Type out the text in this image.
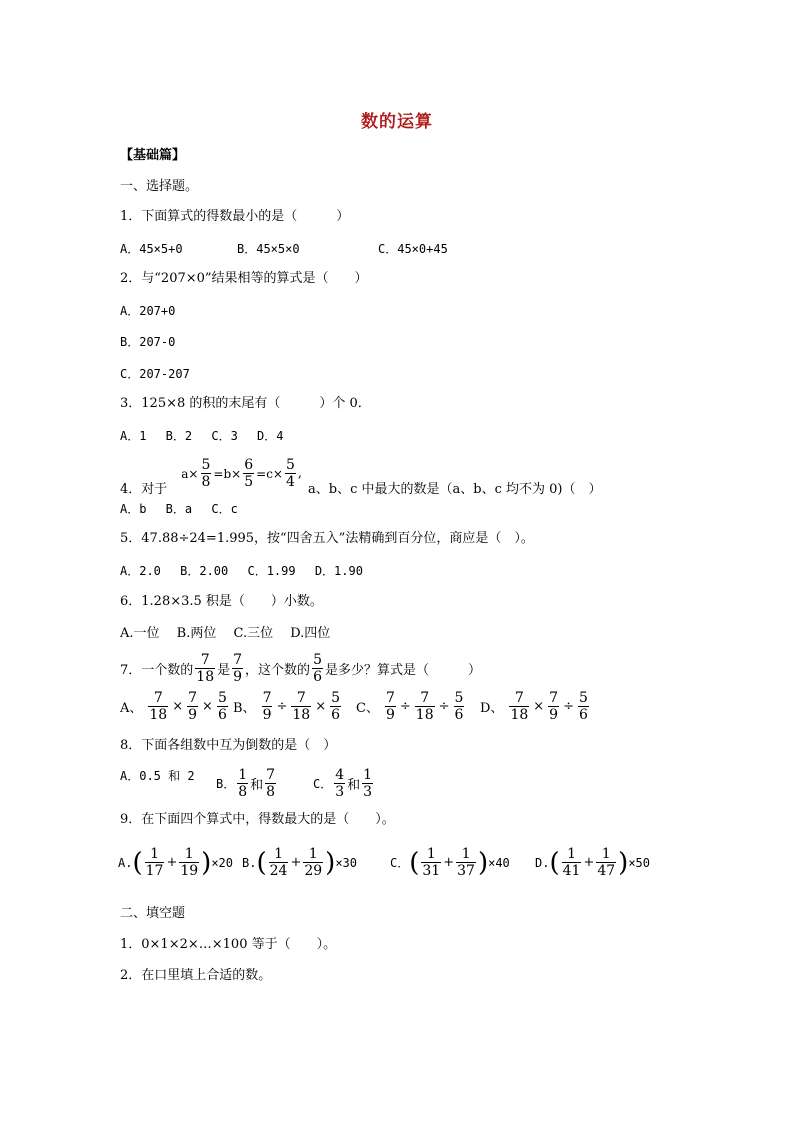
数的运算
【基础篇】
一、选择题。
1．下面算式的得数最小的是（　　　）
A．45×5+0	B．45×5×0	C．45×0+45
2．与“207×0”结果相等的算式是（　　）
A．207+0
B．207-0
C．207-207
3．125×8 的积的末尾有（　　　）个 0．
A．1　 B．2　 C．3　 D．4
4．对于
$a\times \frac{5}{8} =b\times \frac{6}{5} =c\times \frac{5}{4}$ ,
a、b、c 中最大的数是（a、b、c 均不为 0)（　）
A．b　 B．a　 C．c
5．47.88÷24=1.995，按“四舍五入”法精确到百分位，商应是（　）。
A．2.0　 B．2.00　 C．1.99　 D．1.90
6．1.28×3.5 积是（　　）小数。
A.一位　 B.两位　 C.三位　 D.四位
7．一个数的 $\frac{7}{18}$ 是 $\frac{7}{9}$ ，这个数的 $\frac{5}{6}$ 是多少？算式是（　　　）
A、 $\frac{7}{18} \times \frac{7}{9} \times \frac{5}{6}$ B、 $\frac{7}{9} \div \frac{7}{18} \times \frac{5}{6}$ C、 $\frac{7}{9} \div \frac{7}{18} \div \frac{5}{6}$ D、 $\frac{7}{18} \times \frac{7}{9} \div \frac{5}{6}$
8．下面各组数中互为倒数的是（　）
A．0.5 和 2
B． $\frac{1}{8}$ 和 $\frac{7}{8}$	C． $\frac{4}{3}$ 和 $\frac{1}{3}$
9．在下面四个算式中，得数最大的是（　　）。
A. ( $\frac{1}{17} + \frac{1}{19}$ ) ×20 B. ( $\frac{1}{24} + \frac{1}{29}$ ) ×30	C． ( $\frac{1}{31} + \frac{1}{37}$ ) ×40 D. ( $\frac{1}{41} + \frac{1}{47}$ ) ×50
二、填空题
1．0×1×2×…×100 等于（　　）。
2．在口里填上合适的数。
